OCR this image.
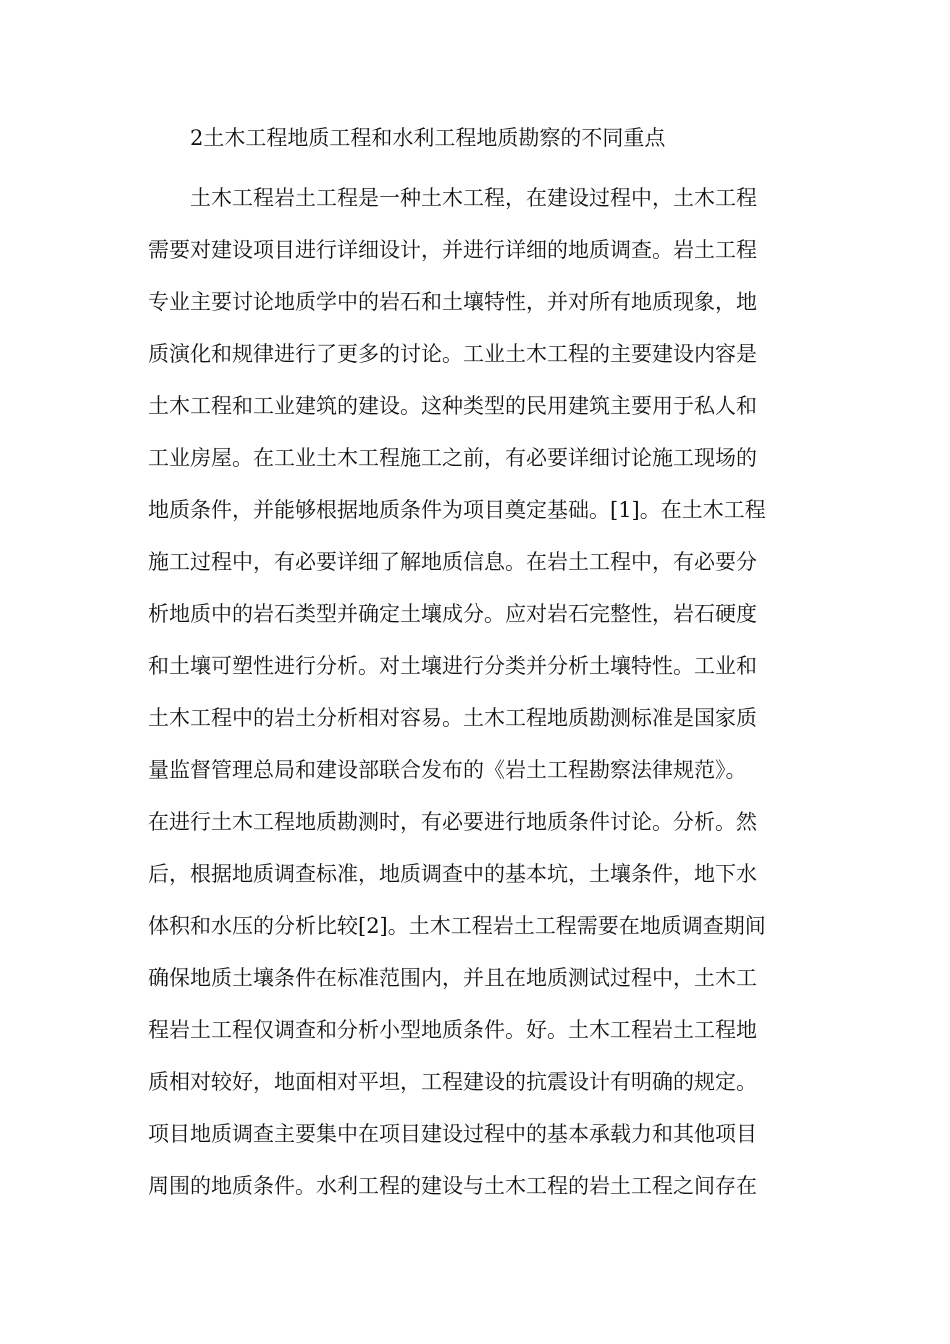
2土木工程地质工程和水利工程地质勘察的不同重点
土木工程岩土工程是一种土木工程，在建设过程中，土木工程
需要对建设项目进行详细设计，并进行详细的地质调查。岩土工程
专业主要讨论地质学中的岩石和土壤特性，并对所有地质现象，地
质演化和规律进行了更多的讨论。工业土木工程的主要建设内容是
土木工程和工业建筑的建设。这种类型的民用建筑主要用于私人和
工业房屋。在工业土木工程施工之前，有必要详细讨论施工现场的
地质条件，并能够根据地质条件为项目奠定基础。[1]。在土木工程
施工过程中，有必要详细了解地质信息。在岩土工程中，有必要分
析地质中的岩石类型并确定土壤成分。应对岩石完整性，岩石硬度
和土壤可塑性进行分析。对土壤进行分类并分析土壤特性。工业和
土木工程中的岩土分析相对容易。土木工程地质勘测标准是国家质
量监督管理总局和建设部联合发布的《岩土工程勘察法律规范》。
在进行土木工程地质勘测时，有必要进行地质条件讨论。分析。然
后，根据地质调查标准，地质调查中的基本坑，土壤条件，地下水
体积和水压的分析比较[2]。土木工程岩土工程需要在地质调查期间
确保地质土壤条件在标准范围内，并且在地质测试过程中，土木工
程岩土工程仅调查和分析小型地质条件。好。土木工程岩土工程地
质相对较好，地面相对平坦，工程建设的抗震设计有明确的规定。
项目地质调查主要集中在项目建设过程中的基本承载力和其他项目
周围的地质条件。水利工程的建设与土木工程的岩土工程之间存在
